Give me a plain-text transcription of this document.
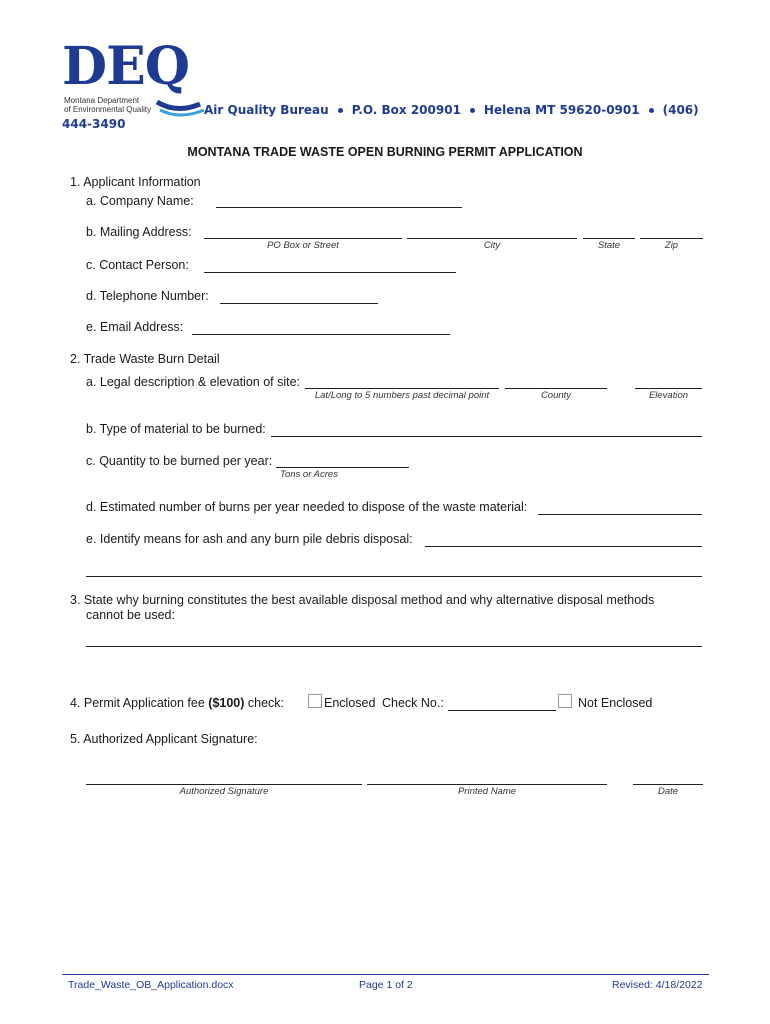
DEQ
Montana Department
of Environmental Quality	Air Quality Bureau P.O. Box 200901 Helena MT 59620-0901 (406)
444-3490
MONTANA TRADE WASTE OPEN BURNING PERMIT APPLICATION
1. Applicant Information
a. Company Name:
b. Mailing Address:
PO Box or Street	City	State	Zip
c. Contact Person:
d. Telephone Number:
e. Email Address:
2. Trade Waste Burn Detail
a. Legal description & elevation of site:
Lat/Long to 5 numbers past decimal point	County	Elevation
b. Type of material to be burned:
c. Quantity to be burned per year:
Tons or Acres
d. Estimated number of burns per year needed to dispose of the waste material:
e. Identify means for ash and any burn pile debris disposal:
3. State why burning constitutes the best available disposal method and why alternative disposal methods
cannot be used:
4. Permit Application fee ($100) check:	Enclosed Check No.:	Not Enclosed
5. Authorized Applicant Signature:
Authorized Signature	Printed Name	Date
Trade_Waste_OB_Application.docx	Page 1 of 2	Revised: 4/18/2022
